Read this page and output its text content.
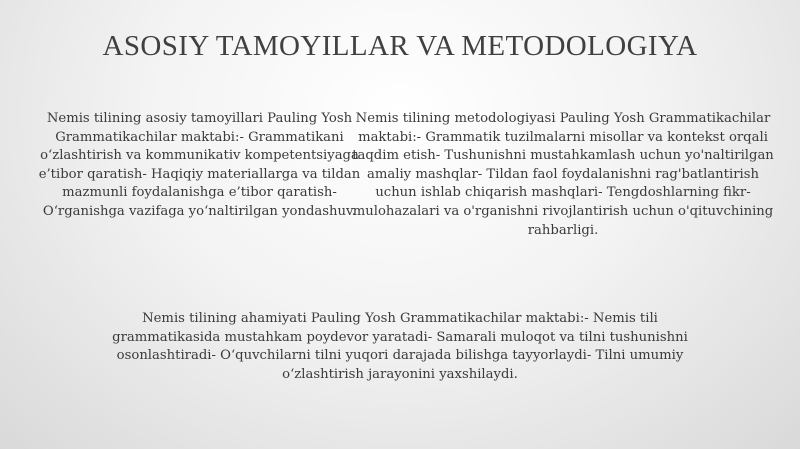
ASOSIY TAMOYILLAR VA METODOLOGIYA

Nemis tilining asosiy tamoyillari Pauling Yosh Grammatikachilar maktabi:- Grammatikani o‘zlashtirish va kommunikativ kompetentsiyaga e’tibor qaratish- Haqiqiy materiallarga va tildan mazmunli foydalanishga e’tibor qaratish- O‘rganishga vazifaga yo‘naltirilgan yondashuv.

Nemis tilining metodologiyasi Pauling Yosh Grammatikachilar maktabi:- Grammatik tuzilmalarni misollar va kontekst orqali taqdim etish- Tushunishni mustahkamlash uchun yo'naltirilgan amaliy mashqlar- Tildan faol foydalanishni rag'batlantirish uchun ishlab chiqarish mashqlari- Tengdoshlarning fikr-mulohazalari va o'rganishni rivojlantirish uchun o'qituvchining rahbarligi.

Nemis tilining ahamiyati Pauling Yosh Grammatikachilar maktabi:- Nemis tili grammatikasida mustahkam poydevor yaratadi- Samarali muloqot va tilni tushunishni osonlashtiradi- O‘quvchilarni tilni yuqori darajada bilishga tayyorlaydi- Tilni umumiy o‘zlashtirish jarayonini yaxshilaydi.
